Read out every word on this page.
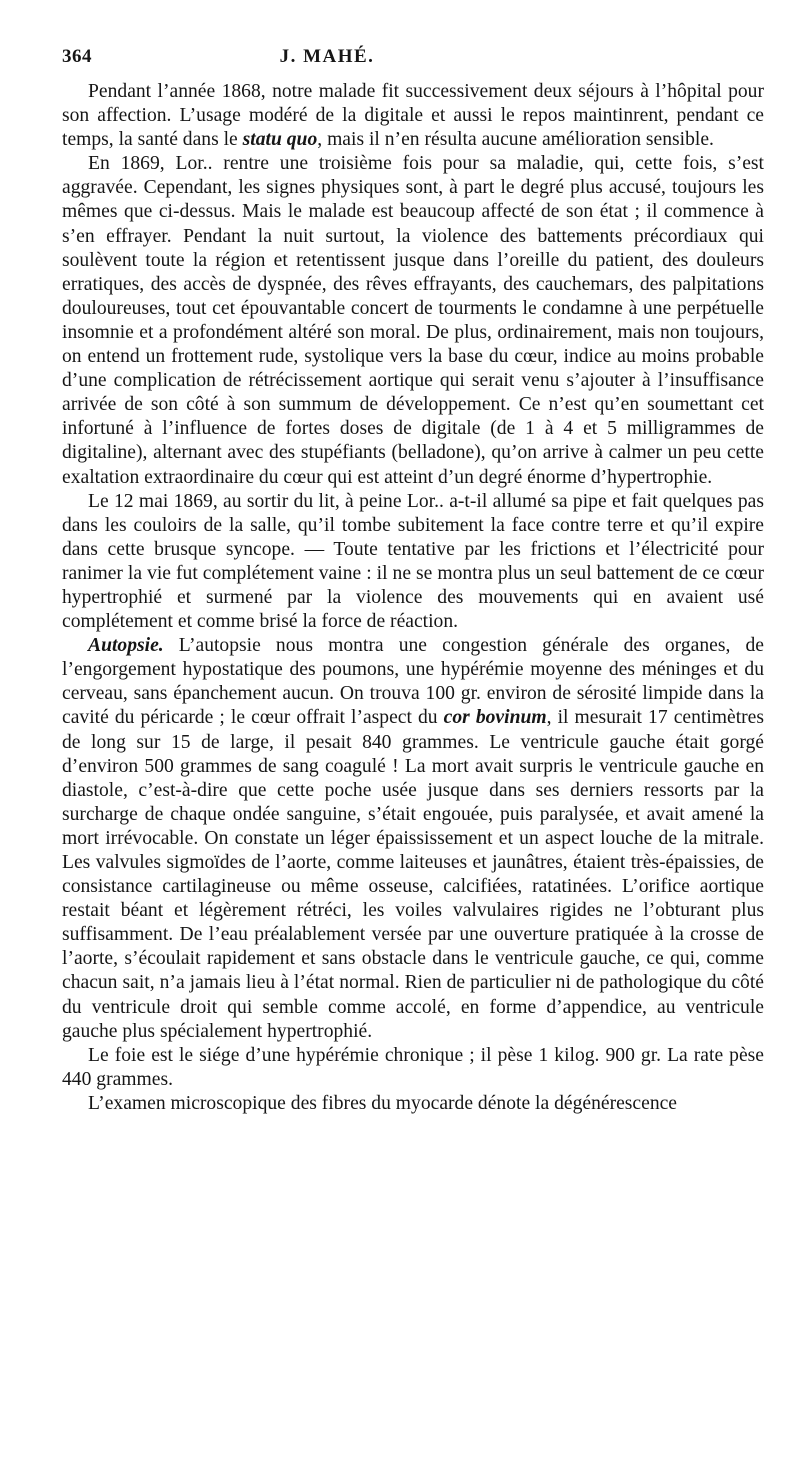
364	J. MAHÉ.

Pendant l’année 1868, notre malade fit successivement deux séjours à l’hôpital pour son affection. L’usage modéré de la digitale et aussi le repos maintinrent, pendant ce temps, la santé dans le statu quo, mais il n’en résulta aucune amélioration sensible.

En 1869, Lor.. rentre une troisième fois pour sa maladie, qui, cette fois, s’est aggravée. Cependant, les signes physiques sont, à part le degré plus accusé, toujours les mêmes que ci-dessus. Mais le malade est beaucoup affecté de son état ; il commence à s’en effrayer. Pendant la nuit surtout, la violence des battements précordiaux qui soulèvent toute la région et retentissent jusque dans l’oreille du patient, des douleurs erratiques, des accès de dyspnée, des rêves effrayants, des cauchemars, des palpitations douloureuses, tout cet épouvantable concert de tourments le condamne à une perpétuelle insomnie et a profondément altéré son moral. De plus, ordinairement, mais non toujours, on entend un frottement rude, systolique vers la base du cœur, indice au moins probable d’une complication de rétrécissement aortique qui serait venu s’ajouter à l’insuffisance arrivée de son côté à son summum de développement. Ce n’est qu’en soumettant cet infortuné à l’influence de fortes doses de digitale (de 1 à 4 et 5 milligrammes de digitaline), alternant avec des stupéfiants (belladone), qu’on arrive à calmer un peu cette exaltation extraordinaire du cœur qui est atteint d’un degré énorme d’hypertrophie.

Le 12 mai 1869, au sortir du lit, à peine Lor.. a-t-il allumé sa pipe et fait quelques pas dans les couloirs de la salle, qu’il tombe subitement la face contre terre et qu’il expire dans cette brusque syncope. — Toute tentative par les frictions et l’électricité pour ranimer la vie fut complétement vaine : il ne se montra plus un seul battement de ce cœur hypertrophié et surmené par la violence des mouvements qui en avaient usé complétement et comme brisé la force de réaction.

Autopsie. L’autopsie nous montra une congestion générale des organes, de l’engorgement hypostatique des poumons, une hypérémie moyenne des méninges et du cerveau, sans épanchement aucun. On trouva 100 gr. environ de sérosité limpide dans la cavité du péricarde ; le cœur offrait l’aspect du cor bovinum, il mesurait 17 centimètres de long sur 15 de large, il pesait 840 grammes. Le ventricule gauche était gorgé d’environ 500 grammes de sang coagulé ! La mort avait surpris le ventricule gauche en diastole, c’est-à-dire que cette poche usée jusque dans ses derniers ressorts par la surcharge de chaque ondée sanguine, s’était engouée, puis paralysée, et avait amené la mort irrévocable. On constate un léger épaississement et un aspect louche de la mitrale. Les valvules sigmoïdes de l’aorte, comme laiteuses et jaunâtres, étaient très-épaissies, de consistance cartilagineuse ou même osseuse, calcifiées, ratatinées. L’orifice aortique restait béant et légèrement rétréci, les voiles valvulaires rigides ne l’obturant plus suffisamment. De l’eau préalablement versée par une ouverture pratiquée à la crosse de l’aorte, s’écoulait rapidement et sans obstacle dans le ventricule gauche, ce qui, comme chacun sait, n’a jamais lieu à l’état normal. Rien de particulier ni de pathologique du côté du ventricule droit qui semble comme accolé, en forme d’appendice, au ventricule gauche plus spécialement hypertrophié.

Le foie est le siége d’une hypérémie chronique ; il pèse 1 kilog. 900 gr. La rate pèse 440 grammes.

L’examen microscopique des fibres du myocarde dénote la dégénérescence
